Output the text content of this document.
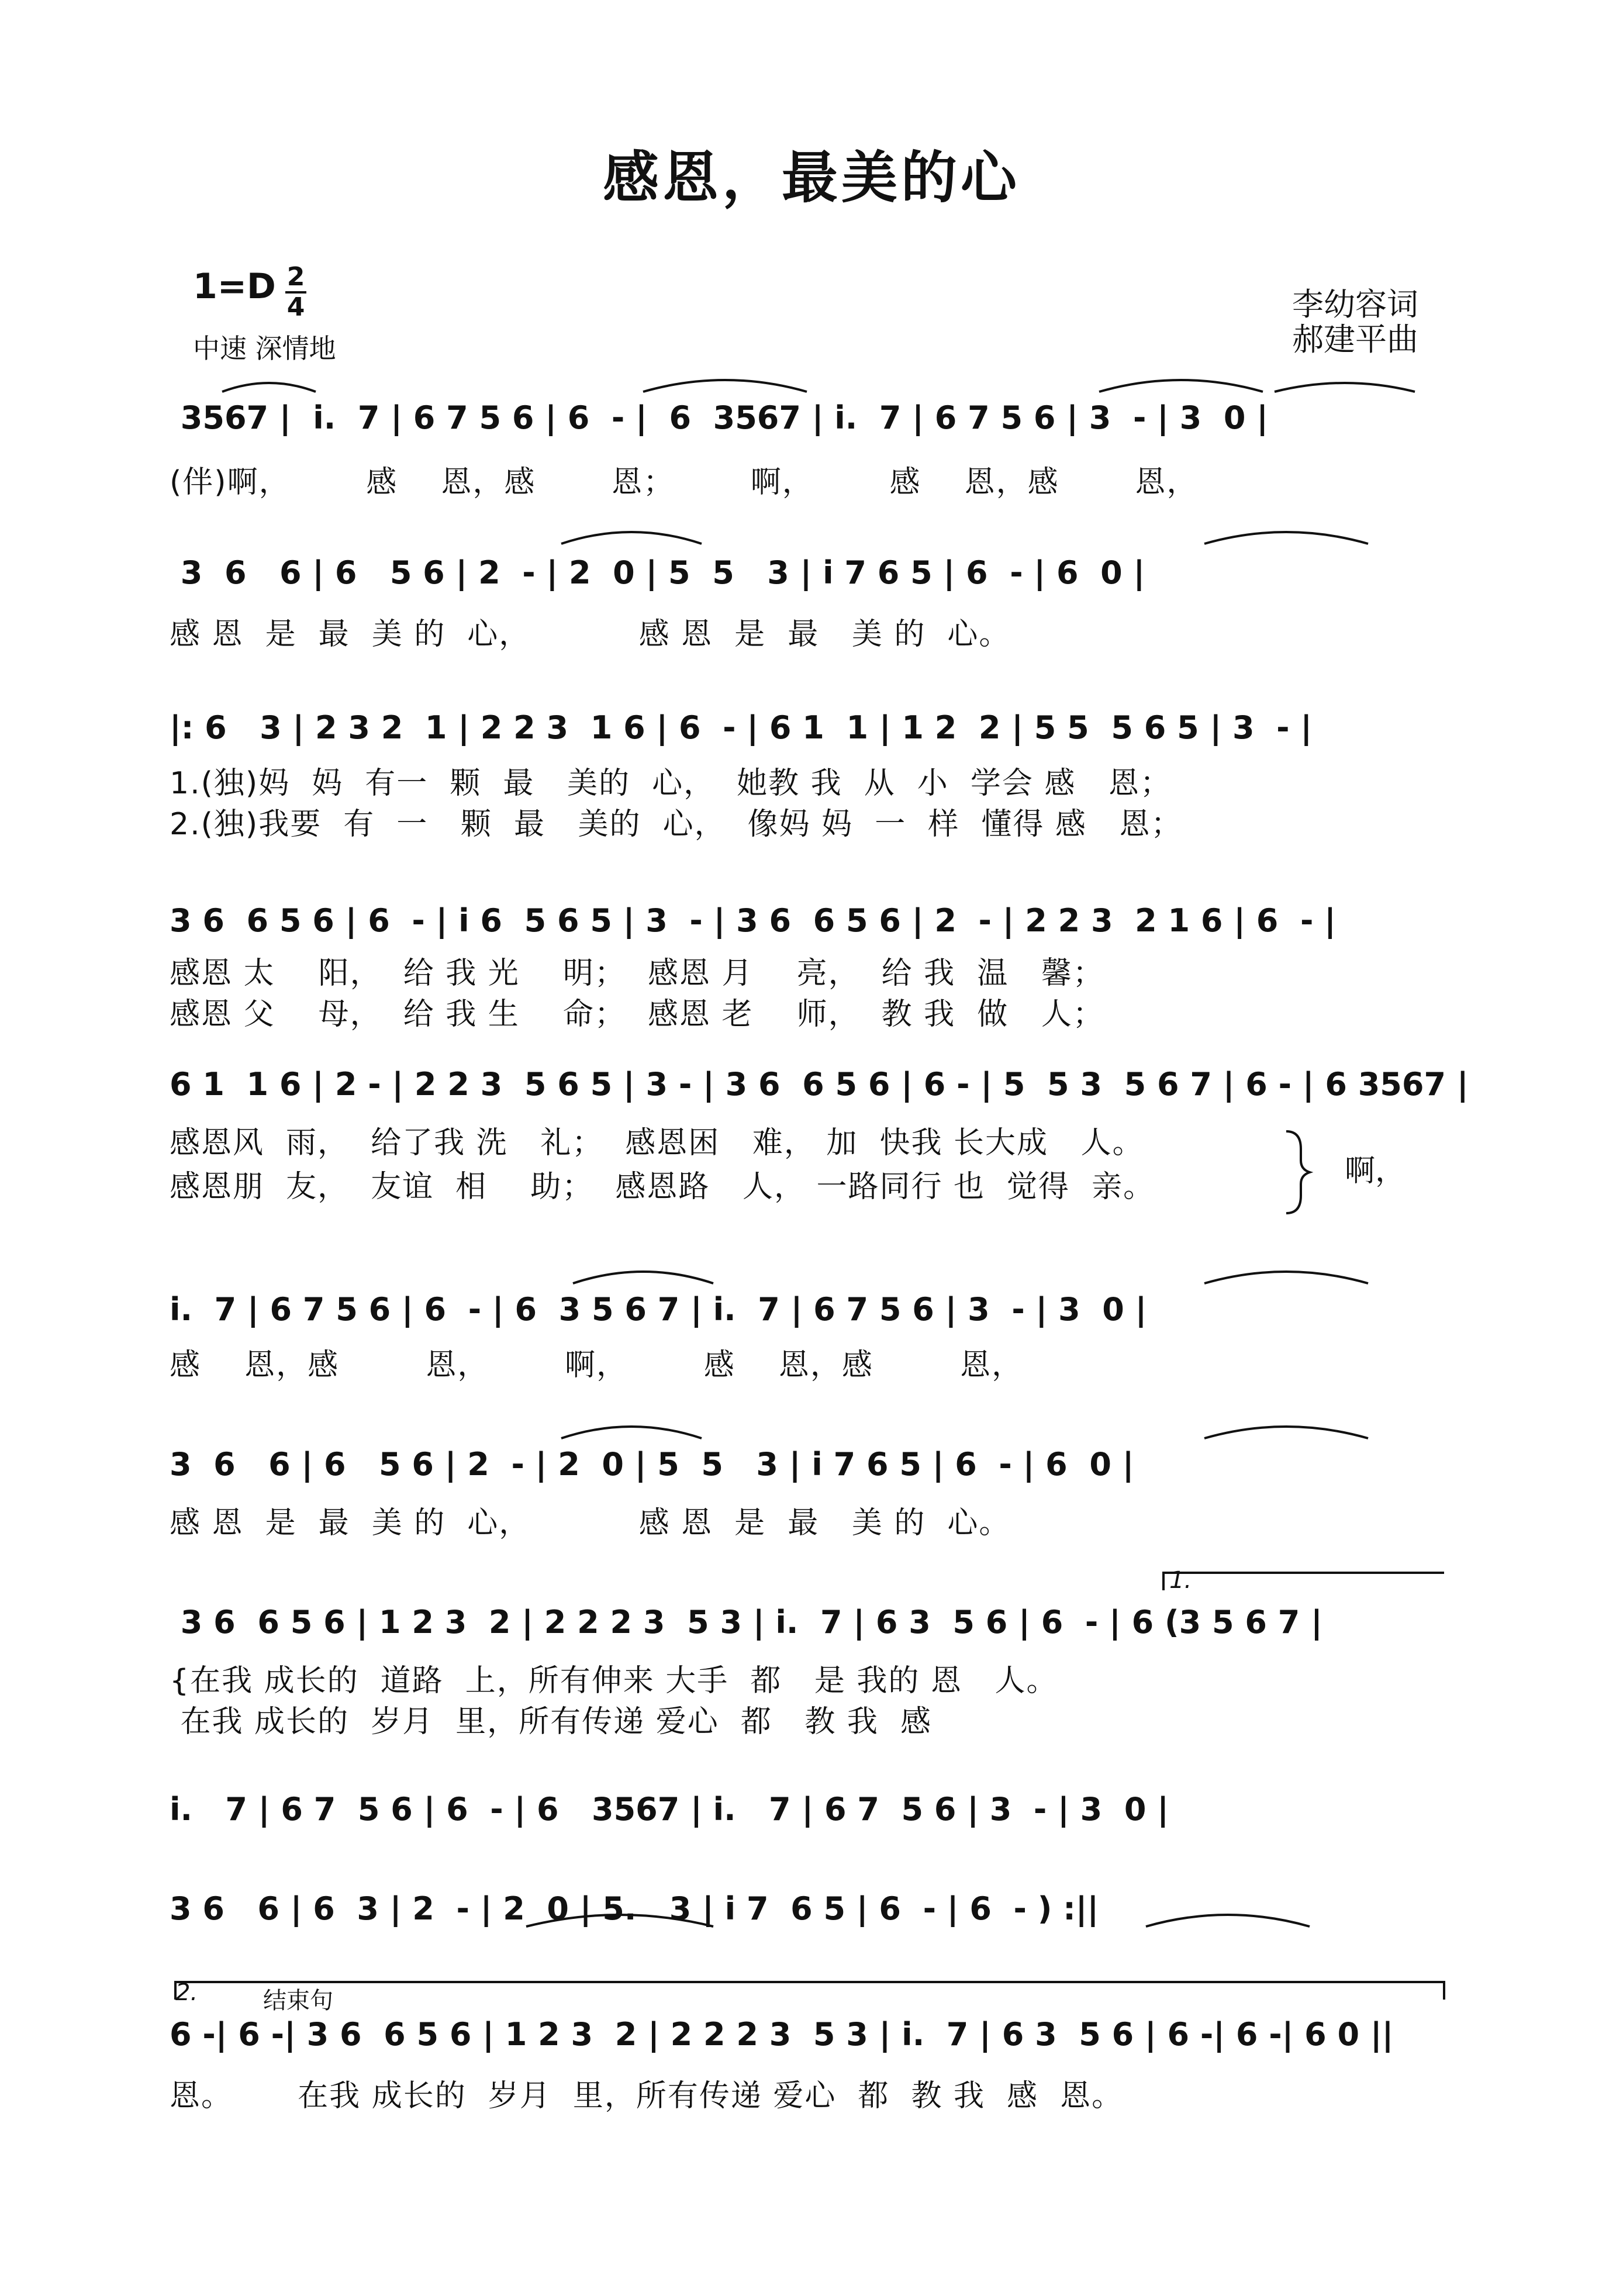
感恩，最美的心
1=D 2
4
中速 深情地
李幼容词
郝建平曲
3567 |  i.  7 | 6 7 5 6 | 6  - |  6  3567 | i.  7 | 6 7 5 6 | 3  - | 3  0 |
(伴)啊，       感    恩，感       恩；       啊，       感    恩，感       恩，
3  6   6 | 6   5 6 | 2  - | 2  0 | 5  5   3 | i 7 6 5 | 6  - | 6  0 |
感 恩  是  最  美 的  心，          感 恩  是  最   美 的  心。
|: 6   3 | 2 3 2  1 | 2 2 3  1 6 | 6  - | 6 1  1 | 1 2  2 | 5 5  5 6 5 | 3  - |
1.(独)妈  妈  有一  颗  最   美的  心，  她教 我  从  小  学会 感   恩；
2.(独)我要  有  一   颗  最   美的  心，  像妈 妈  一  样  懂得 感   恩；
3 6  6 5 6 | 6  - | i 6  5 6 5 | 3  - | 3 6  6 5 6 | 2  - | 2 2 3  2 1 6 | 6  - |
感恩 太    阳，  给 我 光    明；  感恩 月    亮，  给 我  温   馨；
感恩 父    母，  给 我 生    命；  感恩 老    师，  教 我  做   人；
6 1  1 6 | 2 - | 2 2 3  5 6 5 | 3 - | 3 6  6 5 6 | 6 - | 5  5 3  5 6 7 | 6 - | 6 3567 |
感恩风  雨，  给了我 洗   礼；  感恩困   难， 加  快我 长大成   人。
感恩朋  友，  友谊  相    助；  感恩路   人， 一路同行 也  觉得  亲。	啊，
i.  7 | 6 7 5 6 | 6  - | 6  3 5 6 7 | i.  7 | 6 7 5 6 | 3  - | 3  0 |
感    恩，感        恩，       啊，       感    恩，感        恩，
3  6   6 | 6   5 6 | 2  - | 2  0 | 5  5   3 | i 7 6 5 | 6  - | 6  0 |
感 恩  是  最  美 的  心，          感 恩  是  最   美 的  心。
1.
3 6  6 5 6 | 1 2 3  2 | 2 2 2 3  5 3 | i.  7 | 6 3  5 6 | 6  - | 6 (3 5 6 7 |
{在我 成长的  道路  上，所有伸来 大手  都   是 我的 恩   人。
在我 成长的  岁月  里，所有传递 爱心  都   教 我  感
i.   7 | 6 7  5 6 | 6  - | 6   3567 | i.   7 | 6 7  5 6 | 3  - | 3  0 |
3 6   6 | 6  3 | 2  - | 2  0 | 5.   3 | i 7  6 5 | 6  - | 6  - ) :||
2.	结束句
6 -| 6 -| 3 6  6 5 6 | 1 2 3  2 | 2 2 2 3  5 3 | i.  7 | 6 3  5 6 | 6 -| 6 -| 6 0 ||
恩。      在我 成长的  岁月  里，所有传递 爱心  都  教 我  感  恩。
